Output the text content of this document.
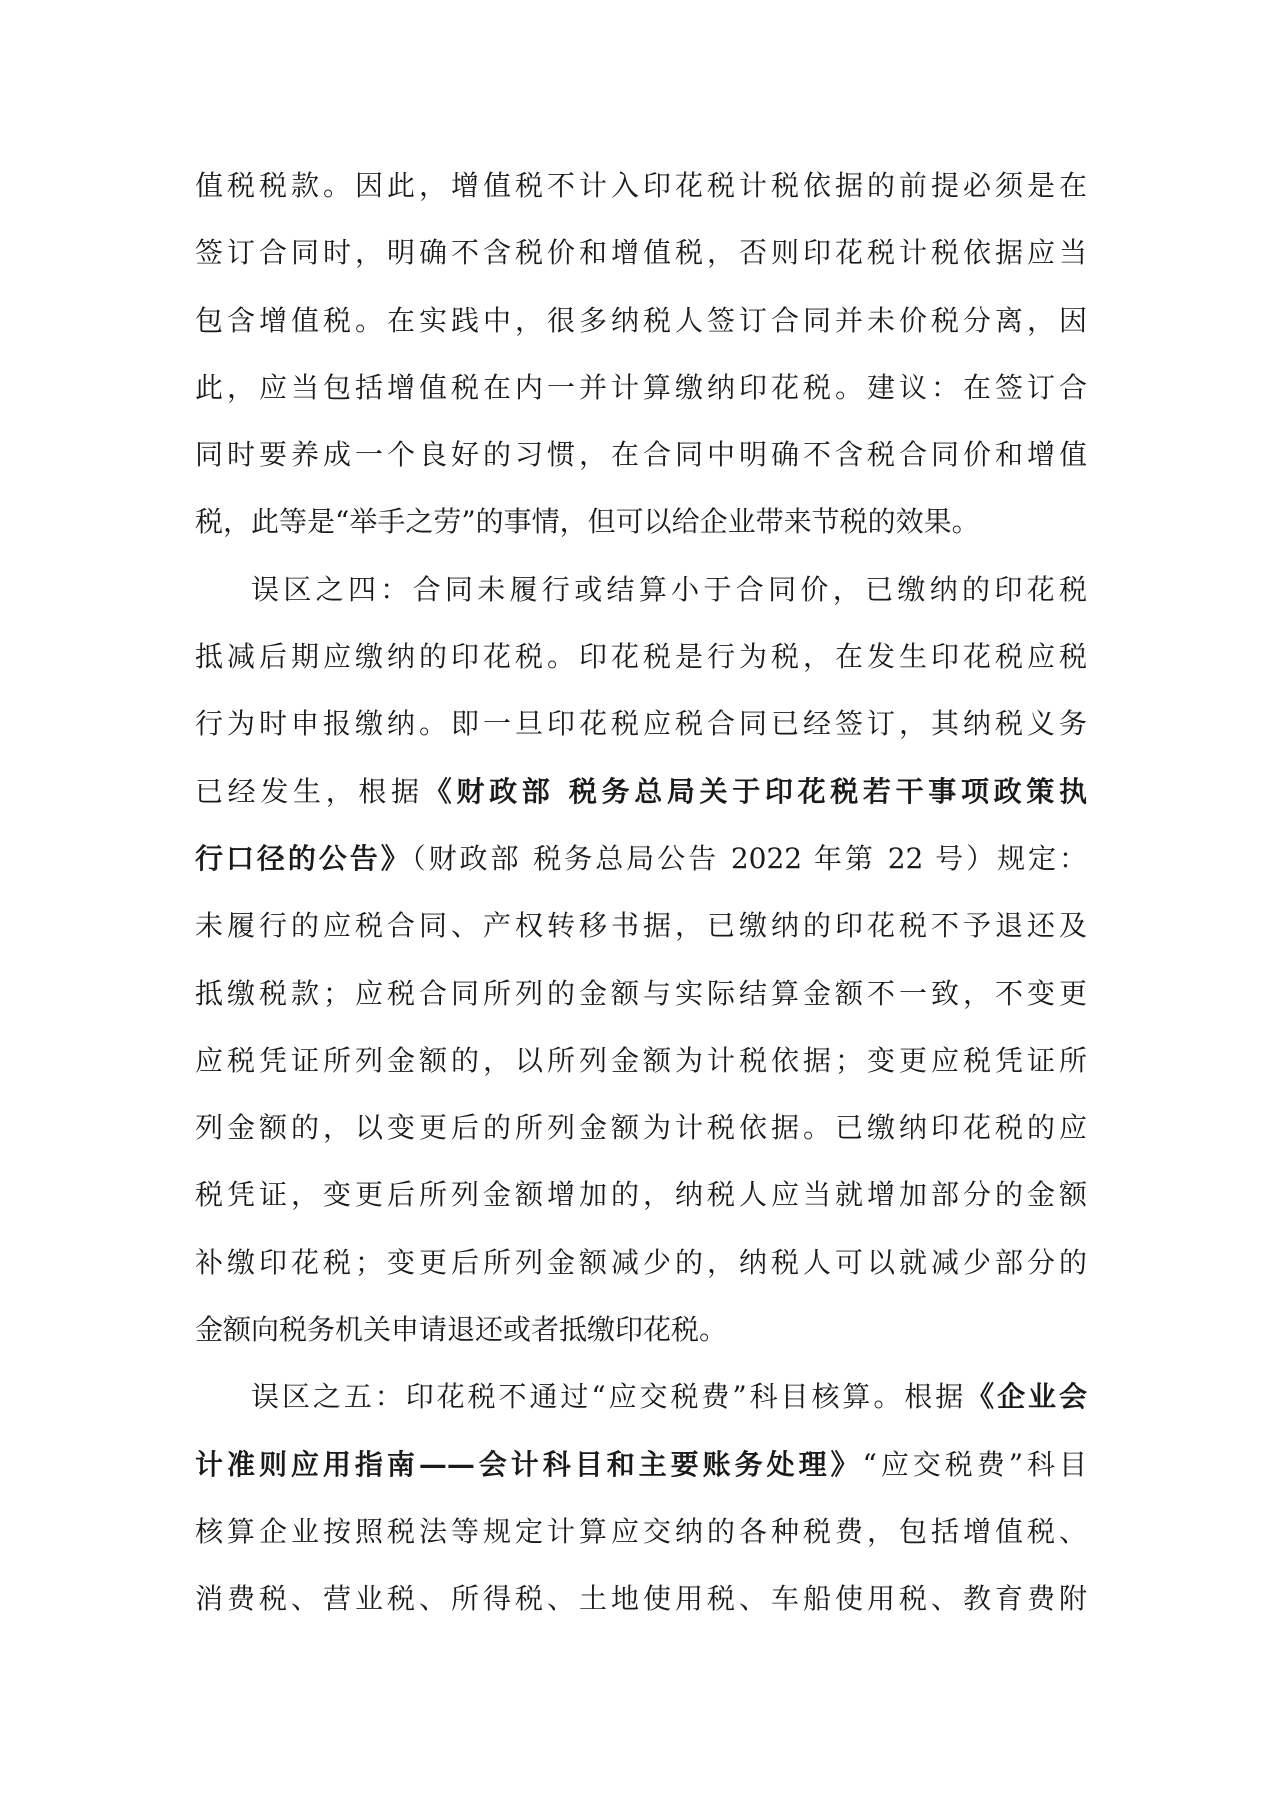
值税税款。因此，增值税不计入印花税计税依据的前提必须是在
签订合同时，明确不含税价和增值税，否则印花税计税依据应当
包含增值税。在实践中，很多纳税人签订合同并未价税分离，因
此，应当包括增值税在内一并计算缴纳印花税。建议：在签订合
同时要养成一个良好的习惯，在合同中明确不含税合同价和增值
税，此等是“举手之劳”的事情，但可以给企业带来节税的效果。
误区之四：合同未履行或结算小于合同价，已缴纳的印花税
抵减后期应缴纳的印花税。印花税是行为税，在发生印花税应税
行为时申报缴纳。即一旦印花税应税合同已经签订，其纳税义务
已经发生，根据《财政部 税务总局关于印花税若干事项政策执
行口径的公告》（财政部 税务总局公告 2022 年第 22 号）规定：
未履行的应税合同、产权转移书据，已缴纳的印花税不予退还及
抵缴税款；应税合同所列的金额与实际结算金额不一致，不变更
应税凭证所列金额的，以所列金额为计税依据；变更应税凭证所
列金额的，以变更后的所列金额为计税依据。已缴纳印花税的应
税凭证，变更后所列金额增加的，纳税人应当就增加部分的金额
补缴印花税；变更后所列金额减少的，纳税人可以就减少部分的
金额向税务机关申请退还或者抵缴印花税。
误区之五：印花税不通过“应交税费”科目核算。根据《企业会
计准则应用指南——会计科目和主要账务处理》“应交税费”科目
核算企业按照税法等规定计算应交纳的各种税费，包括增值税、
消费税、营业税、所得税、土地使用税、车船使用税、教育费附
